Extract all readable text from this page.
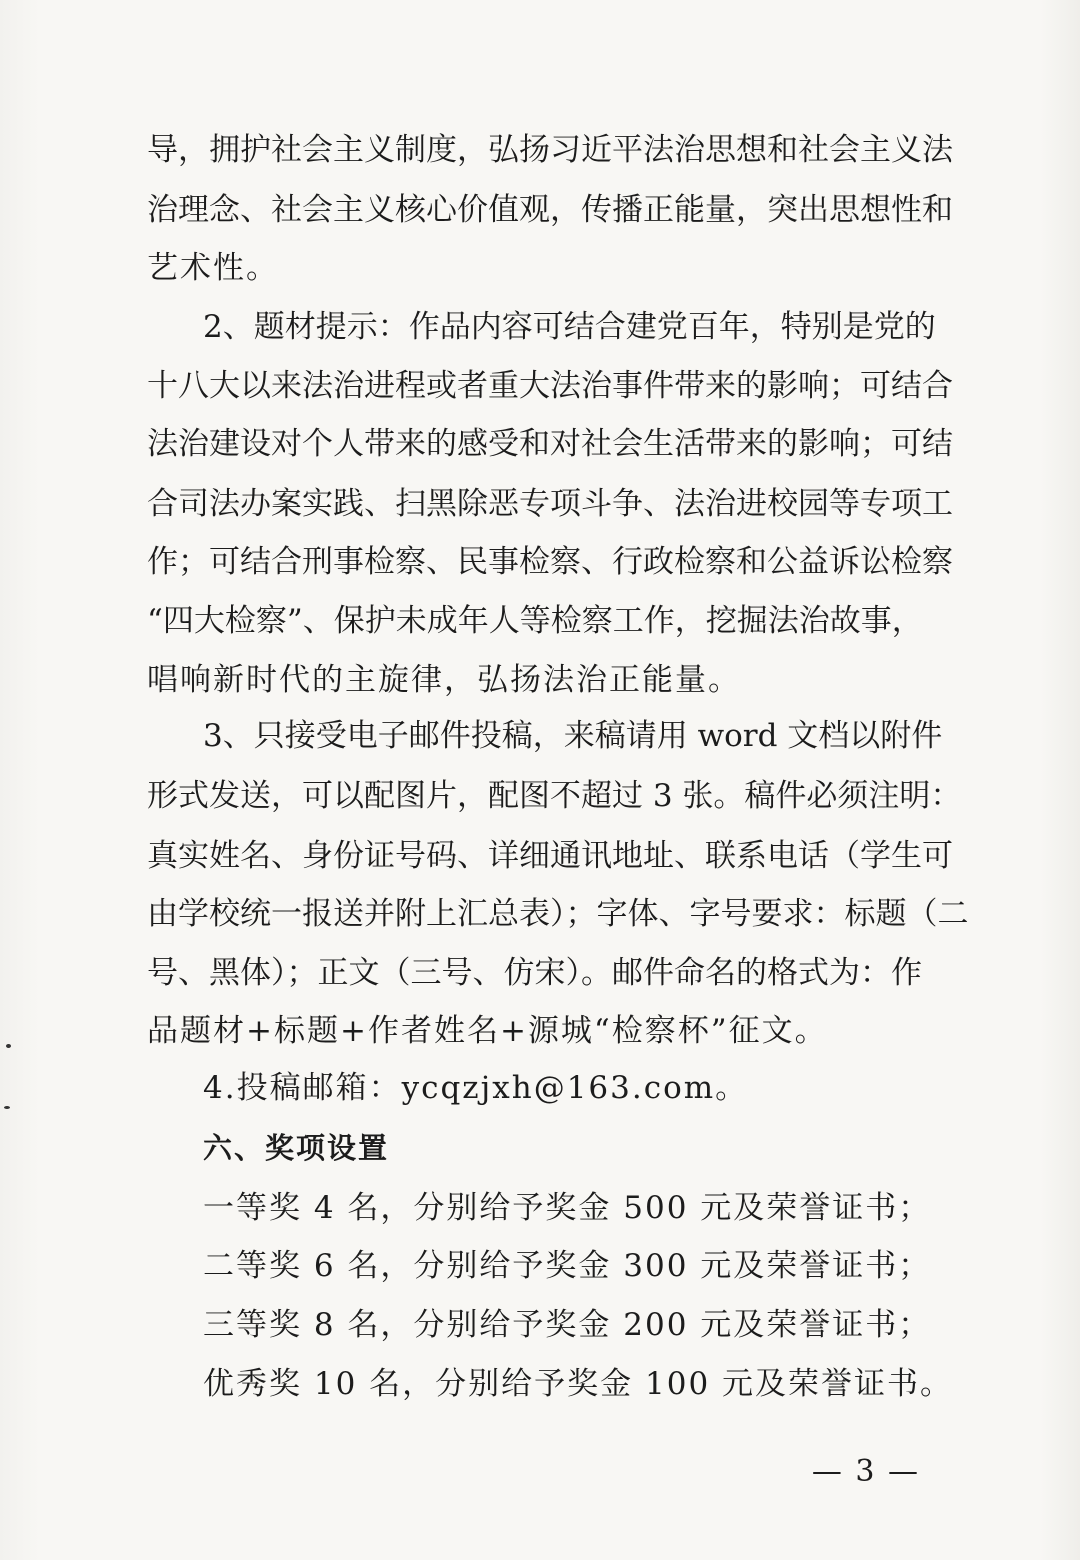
导，拥护社会主义制度，弘扬习近平法治思想和社会主义法
治理念、社会主义核心价值观，传播正能量，突出思想性和
艺术性。
2、题材提示：作品内容可结合建党百年，特别是党的
十八大以来法治进程或者重大法治事件带来的影响；可结合
法治建设对个人带来的感受和对社会生活带来的影响；可结
合司法办案实践、扫黑除恶专项斗争、法治进校园等专项工
作；可结合刑事检察、民事检察、行政检察和公益诉讼检察
“四大检察”、保护未成年人等检察工作，挖掘法治故事，
唱响新时代的主旋律，弘扬法治正能量。
3、只接受电子邮件投稿，来稿请用 word 文档以附件
形式发送，可以配图片，配图不超过 3 张。稿件必须注明：
真实姓名、身份证号码、详细通讯地址、联系电话（学生可
由学校统一报送并附上汇总表）；字体、字号要求：标题（二
号、黑体）；正文（三号、仿宋）。邮件命名的格式为：作
品题材+标题+作者姓名+源城“检察杯”征文。
4.投稿邮箱：ycqzjxh@163.com。
六、奖项设置
一等奖 4 名，分别给予奖金 500 元及荣誉证书；
二等奖 6 名，分别给予奖金 300 元及荣誉证书；
三等奖 8 名，分别给予奖金 200 元及荣誉证书；
优秀奖 10 名，分别给予奖金 100 元及荣誉证书。
— 3 —
